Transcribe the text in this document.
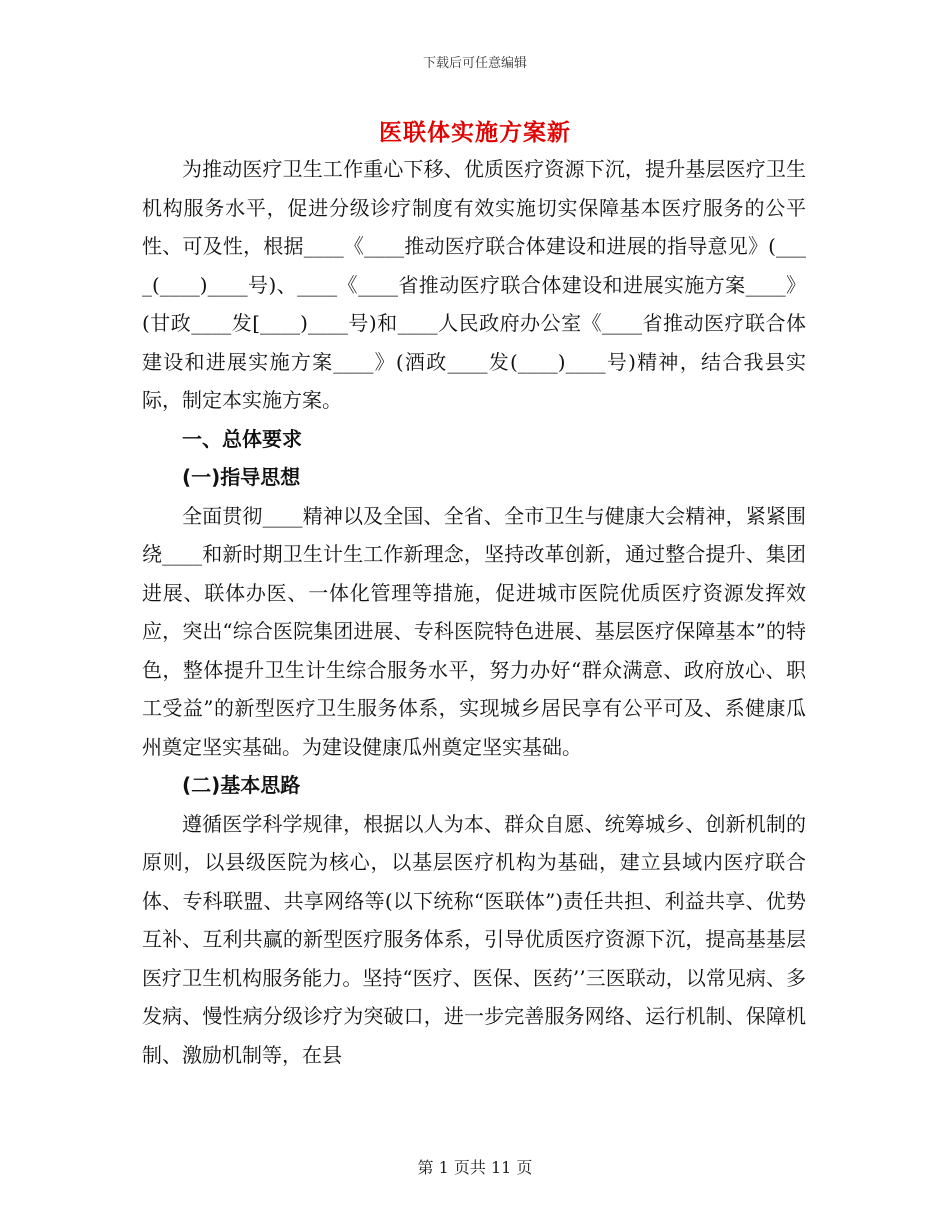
下载后可任意编辑
医联体实施方案新

为推动医疗卫生工作重心下移、优质医疗资源下沉，提升基层医疗卫生机构服务水平，促进分级诊疗制度有效实施切实保障基本医疗服务的公平性、可及性，根据____《____推动医疗联合体建设和进展的指导意见》(____(____)____号)、____《____省推动医疗联合体建设和进展实施方案____》(甘政____发[____)____号)和____人民政府办公室《____省推动医疗联合体建设和进展实施方案____》(酒政____发(____)____号)精神，结合我县实际，制定本实施方案。

一、总体要求

(一)指导思想

全面贯彻____精神以及全国、全省、全市卫生与健康大会精神，紧紧围绕____和新时期卫生计生工作新理念，坚持改革创新，通过整合提升、集团进展、联体办医、一体化管理等措施，促进城市医院优质医疗资源发挥效应，突出“综合医院集团进展、专科医院特色进展、基层医疗保障基本”的特色，整体提升卫生计生综合服务水平，努力办好“群众满意、政府放心、职工受益”的新型医疗卫生服务体系，实现城乡居民享有公平可及、系健康瓜州奠定坚实基础。为建设健康瓜州奠定坚实基础。

(二)基本思路

遵循医学科学规律，根据以人为本、群众自愿、统筹城乡、创新机制的原则，以县级医院为核心，以基层医疗机构为基础，建立县域内医疗联合体、专科联盟、共享网络等(以下统称“医联体”)责任共担、利益共享、优势互补、互利共赢的新型医疗服务体系，引导优质医疗资源下沉，提高基基层医疗卫生机构服务能力。坚持“医疗、医保、医药’’三医联动，以常见病、多发病、慢性病分级诊疗为突破口，进一步完善服务网络、运行机制、保障机制、激励机制等，在县

第 1 页共 11 页
